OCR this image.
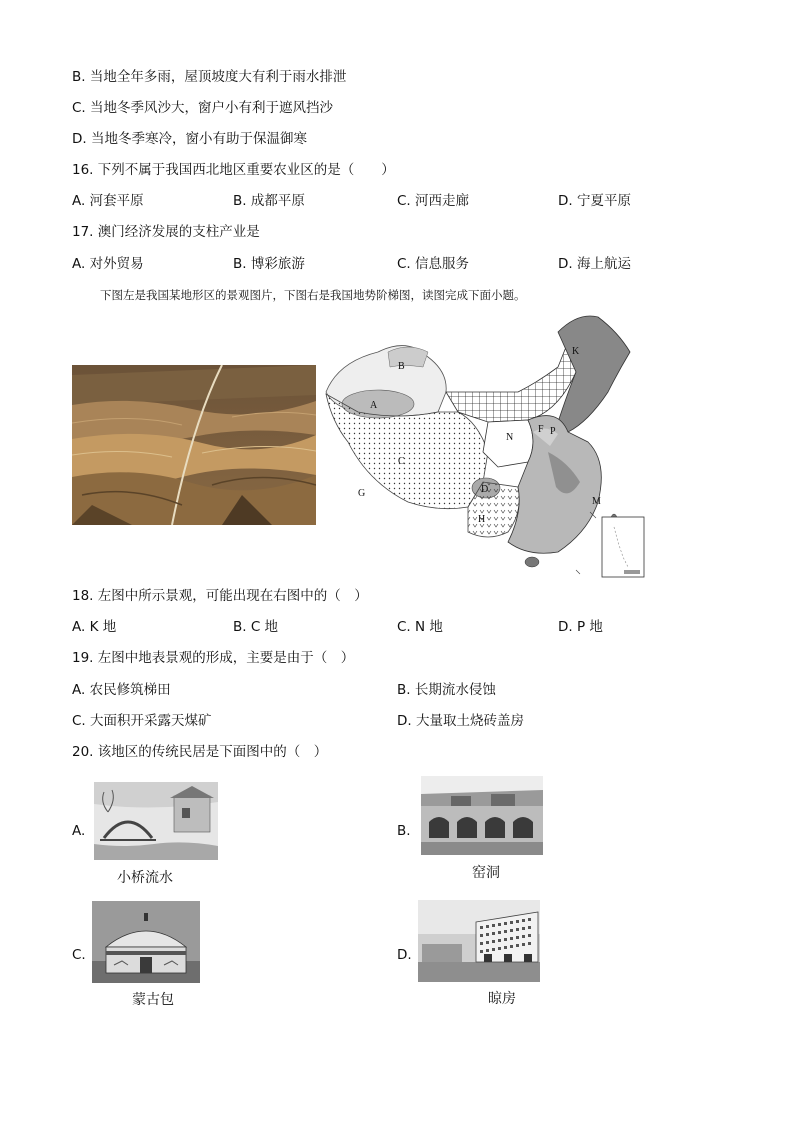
B. 当地全年多雨，屋顶坡度大有利于雨水排泄
C. 当地冬季风沙大，窗户小有利于遮风挡沙
D. 当地冬季寒冷，窗小有助于保温御寒
16. 下列不属于我国西北地区重要农业区的是（　　）
A. 河套平原	B. 成都平原	C. 河西走廊	D. 宁夏平原
17. 澳门经济发展的支柱产业是
A. 对外贸易	B. 博彩旅游	C. 信息服务	D. 海上航运
下图左是我国某地形区的景观图片，下图右是我国地势阶梯图，读图完成下面小题。
A
B
C
D
F
G
H
K
M
N
P
18. 左图中所示景观，可能出现在右图中的（　）
A. K 地	B. C 地	C. N 地	D. P 地
19. 左图中地表景观的形成，主要是由于（　）
A. 农民修筑梯田	B. 长期流水侵蚀
C. 大面积开采露天煤矿	D. 大量取土烧砖盖房
20. 该地区的传统民居是下面图中的（　）
A.
小桥流水
B.
窑洞
C.
蒙古包
D.
晾房
